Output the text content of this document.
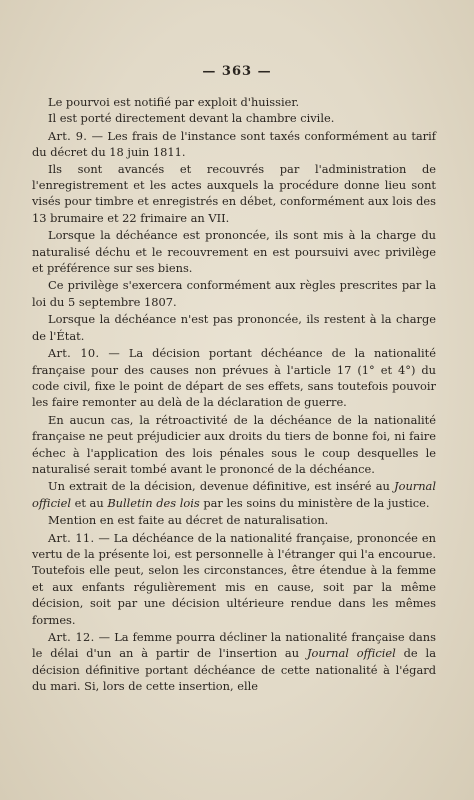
— 363 —

Le pourvoi est notifié par exploit d'huissier.

Il est porté directement devant la chambre civile.

Art. 9. — Les frais de l'instance sont taxés conformément au tarif du décret du 18 juin 1811.

Ils sont avancés et recouvrés par l'administration de l'enregistrement et les actes auxquels la procédure donne lieu sont visés pour timbre et enregistrés en débet, conformément aux lois des 13 brumaire et 22 frimaire an VII.

Lorsque la déchéance est prononcée, ils sont mis à la charge du naturalisé déchu et le recouvrement en est poursuivi avec privilège et préférence sur ses biens.

Ce privilège s'exercera conformément aux règles prescrites par la loi du 5 septembre 1807.

Lorsque la déchéance n'est pas prononcée, ils restent à la charge de l'État.

Art. 10. — La décision portant déchéance de la nationalité française pour des causes non prévues à l'article 17 (1° et 4°) du code civil, fixe le point de départ de ses effets, sans toutefois pouvoir les faire remonter au delà de la déclaration de guerre.

En aucun cas, la rétroactivité de la déchéance de la nationalité française ne peut préjudicier aux droits du tiers de bonne foi, ni faire échec à l'application des lois pénales sous le coup desquelles le naturalisé serait tombé avant le prononcé de la déchéance.

Un extrait de la décision, devenue définitive, est inséré au Journal officiel et au Bulletin des lois par les soins du ministère de la justice.

Mention en est faite au décret de naturalisation.

Art. 11. — La déchéance de la nationalité française, prononcée en vertu de la présente loi, est personnelle à l'étranger qui l'a encourue. Toutefois elle peut, selon les circonstances, être étendue à la femme et aux enfants régulièrement mis en cause, soit par la même décision, soit par une décision ultérieure rendue dans les mêmes formes.

Art. 12. — La femme pourra décliner la nationalité française dans le délai d'un an à partir de l'insertion au Journal officiel de la décision définitive portant déchéance de cette nationalité à l'égard du mari. Si, lors de cette insertion, elle
